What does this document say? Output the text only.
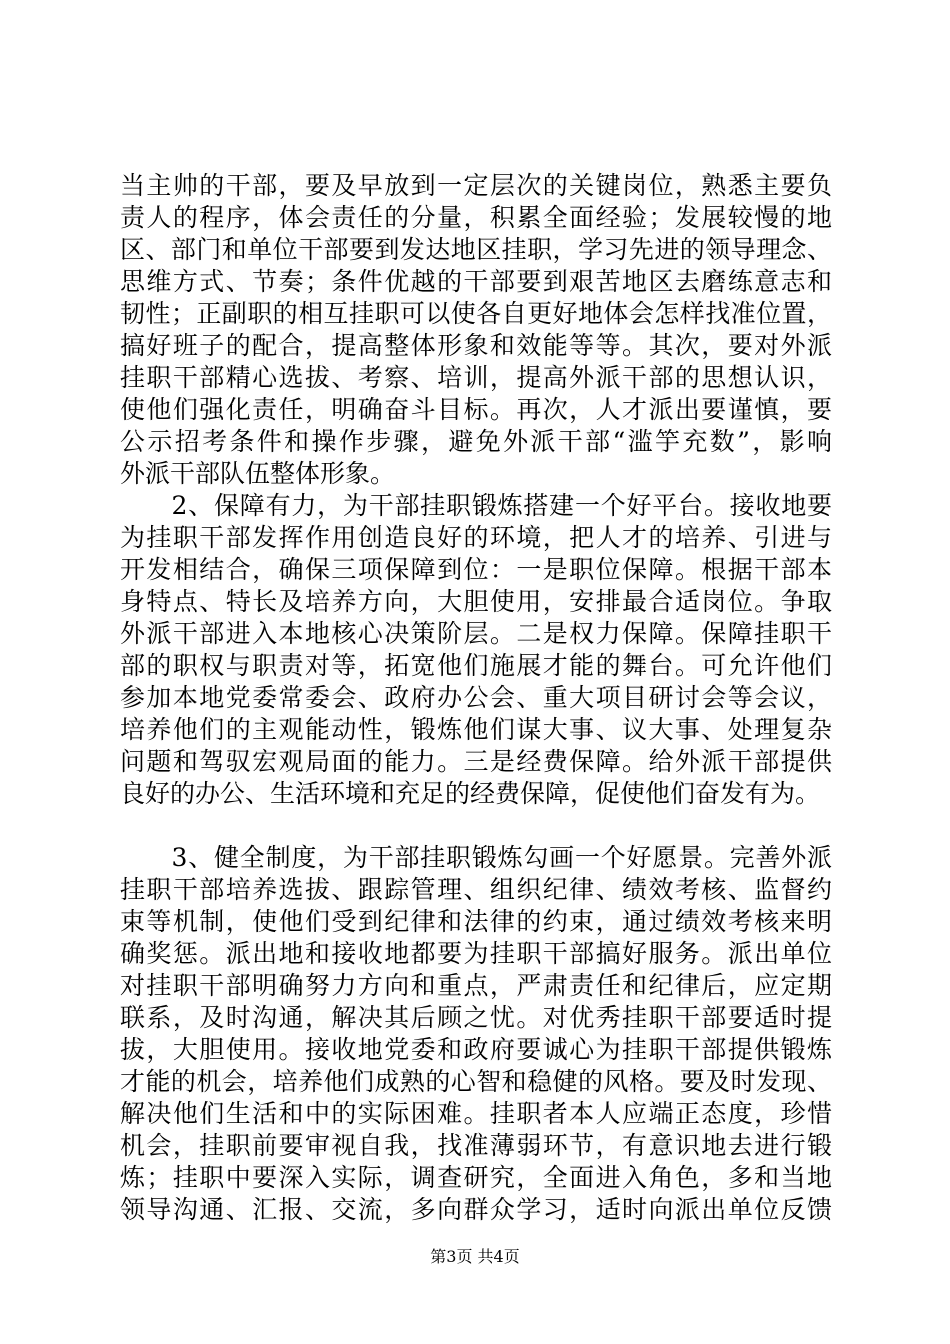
当主帅的干部，要及早放到一定层次的关键岗位，熟悉主要负
责人的程序，体会责任的分量，积累全面经验；发展较慢的地
区、部门和单位干部要到发达地区挂职，学习先进的领导理念、
思维方式、节奏；条件优越的干部要到艰苦地区去磨练意志和
韧性；正副职的相互挂职可以使各自更好地体会怎样找准位置，
搞好班子的配合，提高整体形象和效能等等。其次，要对外派
挂职干部精心选拔、考察、培训，提高外派干部的思想认识，
使他们强化责任，明确奋斗目标。再次，人才派出要谨慎，要
公示招考条件和操作步骤，避免外派干部“滥竽充数”，影响
外派干部队伍整体形象。
　　2、保障有力，为干部挂职锻炼搭建一个好平台。接收地要
为挂职干部发挥作用创造良好的环境，把人才的培养、引进与
开发相结合，确保三项保障到位：一是职位保障。根据干部本
身特点、特长及培养方向，大胆使用，安排最合适岗位。争取
外派干部进入本地核心决策阶层。二是权力保障。保障挂职干
部的职权与职责对等，拓宽他们施展才能的舞台。可允许他们
参加本地党委常委会、政府办公会、重大项目研讨会等会议，
培养他们的主观能动性，锻炼他们谋大事、议大事、处理复杂
问题和驾驭宏观局面的能力。三是经费保障。给外派干部提供
良好的办公、生活环境和充足的经费保障，促使他们奋发有为。
　　3、健全制度，为干部挂职锻炼勾画一个好愿景。完善外派
挂职干部培养选拔、跟踪管理、组织纪律、绩效考核、监督约
束等机制，使他们受到纪律和法律的约束，通过绩效考核来明
确奖惩。派出地和接收地都要为挂职干部搞好服务。派出单位
对挂职干部明确努力方向和重点，严肃责任和纪律后，应定期
联系，及时沟通，解决其后顾之忧。对优秀挂职干部要适时提
拔，大胆使用。接收地党委和政府要诚心为挂职干部提供锻炼
才能的机会，培养他们成熟的心智和稳健的风格。要及时发现、
解决他们生活和中的实际困难。挂职者本人应端正态度，珍惜
机会，挂职前要审视自我，找准薄弱环节，有意识地去进行锻
炼；挂职中要深入实际，调查研究，全面进入角色，多和当地
领导沟通、汇报、交流，多向群众学习，适时向派出单位反馈
第3页 共4页
